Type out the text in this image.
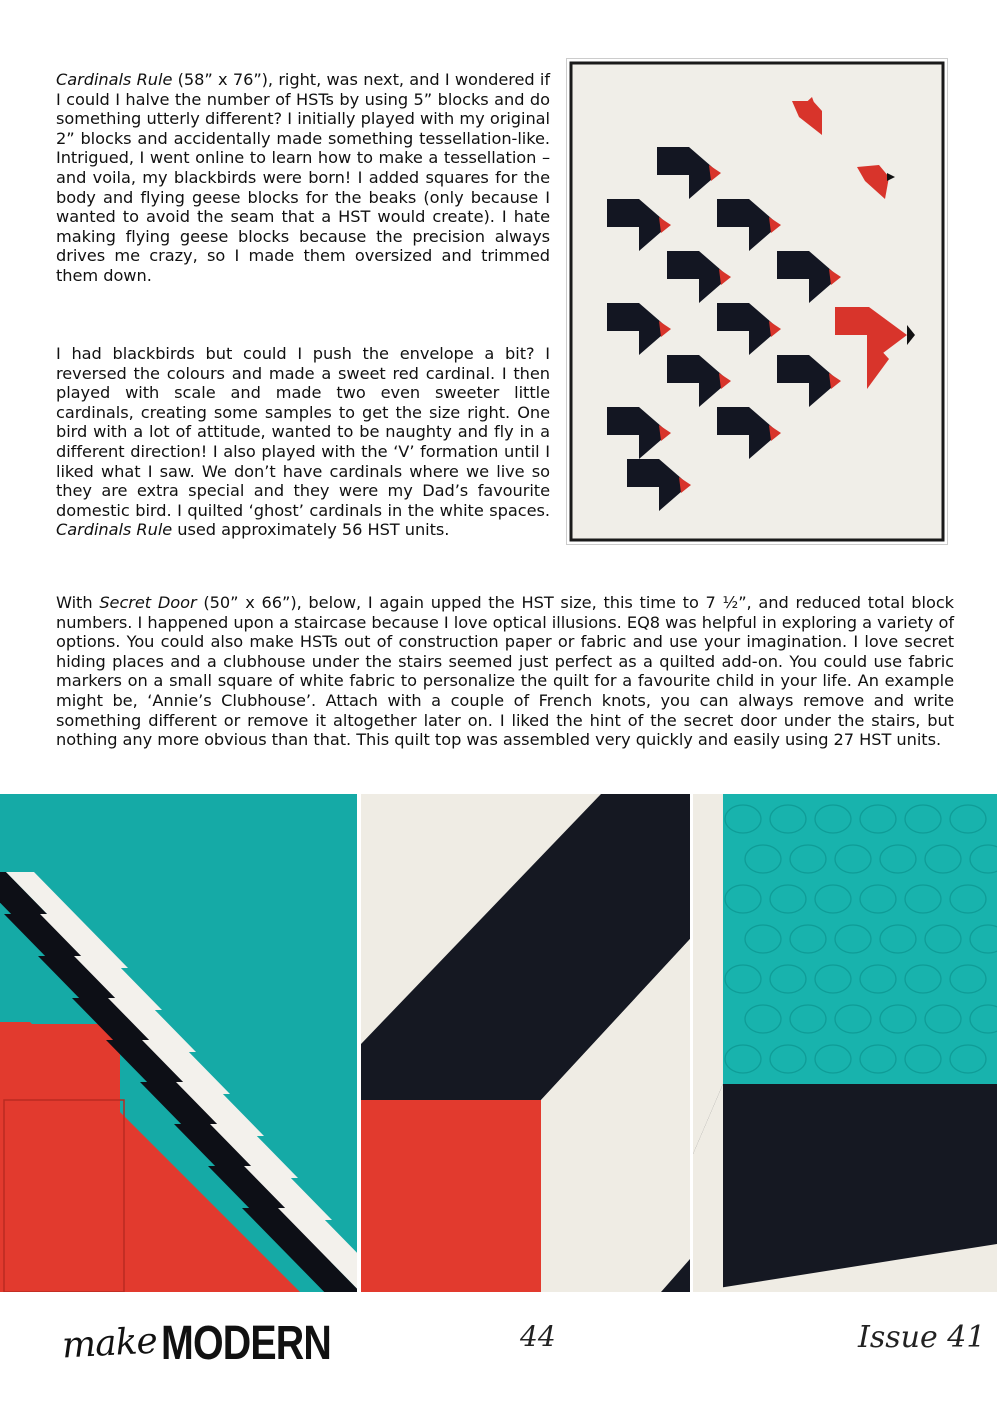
Cardinals Rule (58” x 76”), right, was next, and I wondered if I could I halve the number of HSTs by using 5” blocks and do something utterly different? I initially played with my original 2” blocks and accidentally made something tessellation-like. Intrigued, I went online to learn how to make a tessellation – and voila, my blackbirds were born! I added squares for the body and flying geese blocks for the beaks (only because I wanted to avoid the seam that a HST would create). I hate making flying geese blocks because the precision always drives me crazy, so I made them oversized and trimmed them down.

I had blackbirds but could I push the envelope a bit? I reversed the colours and made a sweet red cardinal. I then played with scale and made two even sweeter little cardinals, creating some samples to get the size right. One bird with a lot of attitude, wanted to be naughty and fly in a different direction! I also played with the ‘V’ formation until I liked what I saw. We don’t have cardinals where we live so they are extra special and they were my Dad’s favourite domestic bird. I quilted ‘ghost’ cardinals in the white spaces. Cardinals Rule used approximately 56 HST units.

With Secret Door (50” x 66”), below, I again upped the HST size, this time to 7 ½”, and reduced total block numbers. I happened upon a staircase because I love optical illusions. EQ8 was helpful in exploring a variety of options. You could also make HSTs out of construction paper or fabric and use your imagination. I love secret hiding places and a clubhouse under the stairs seemed just perfect as a quilted add-on. You could use fabric markers on a small square of white fabric to personalize the quilt for a favourite child in your life. An example might be, ‘Annie’s Clubhouse’. Attach with a couple of French knots, you can always remove and write something different or remove it altogether later on. I liked the hint of the secret door under the stairs, but nothing any more obvious than that. This quilt top was assembled very quickly and easily using 27 HST units.

make MODERN	44	Issue 41
